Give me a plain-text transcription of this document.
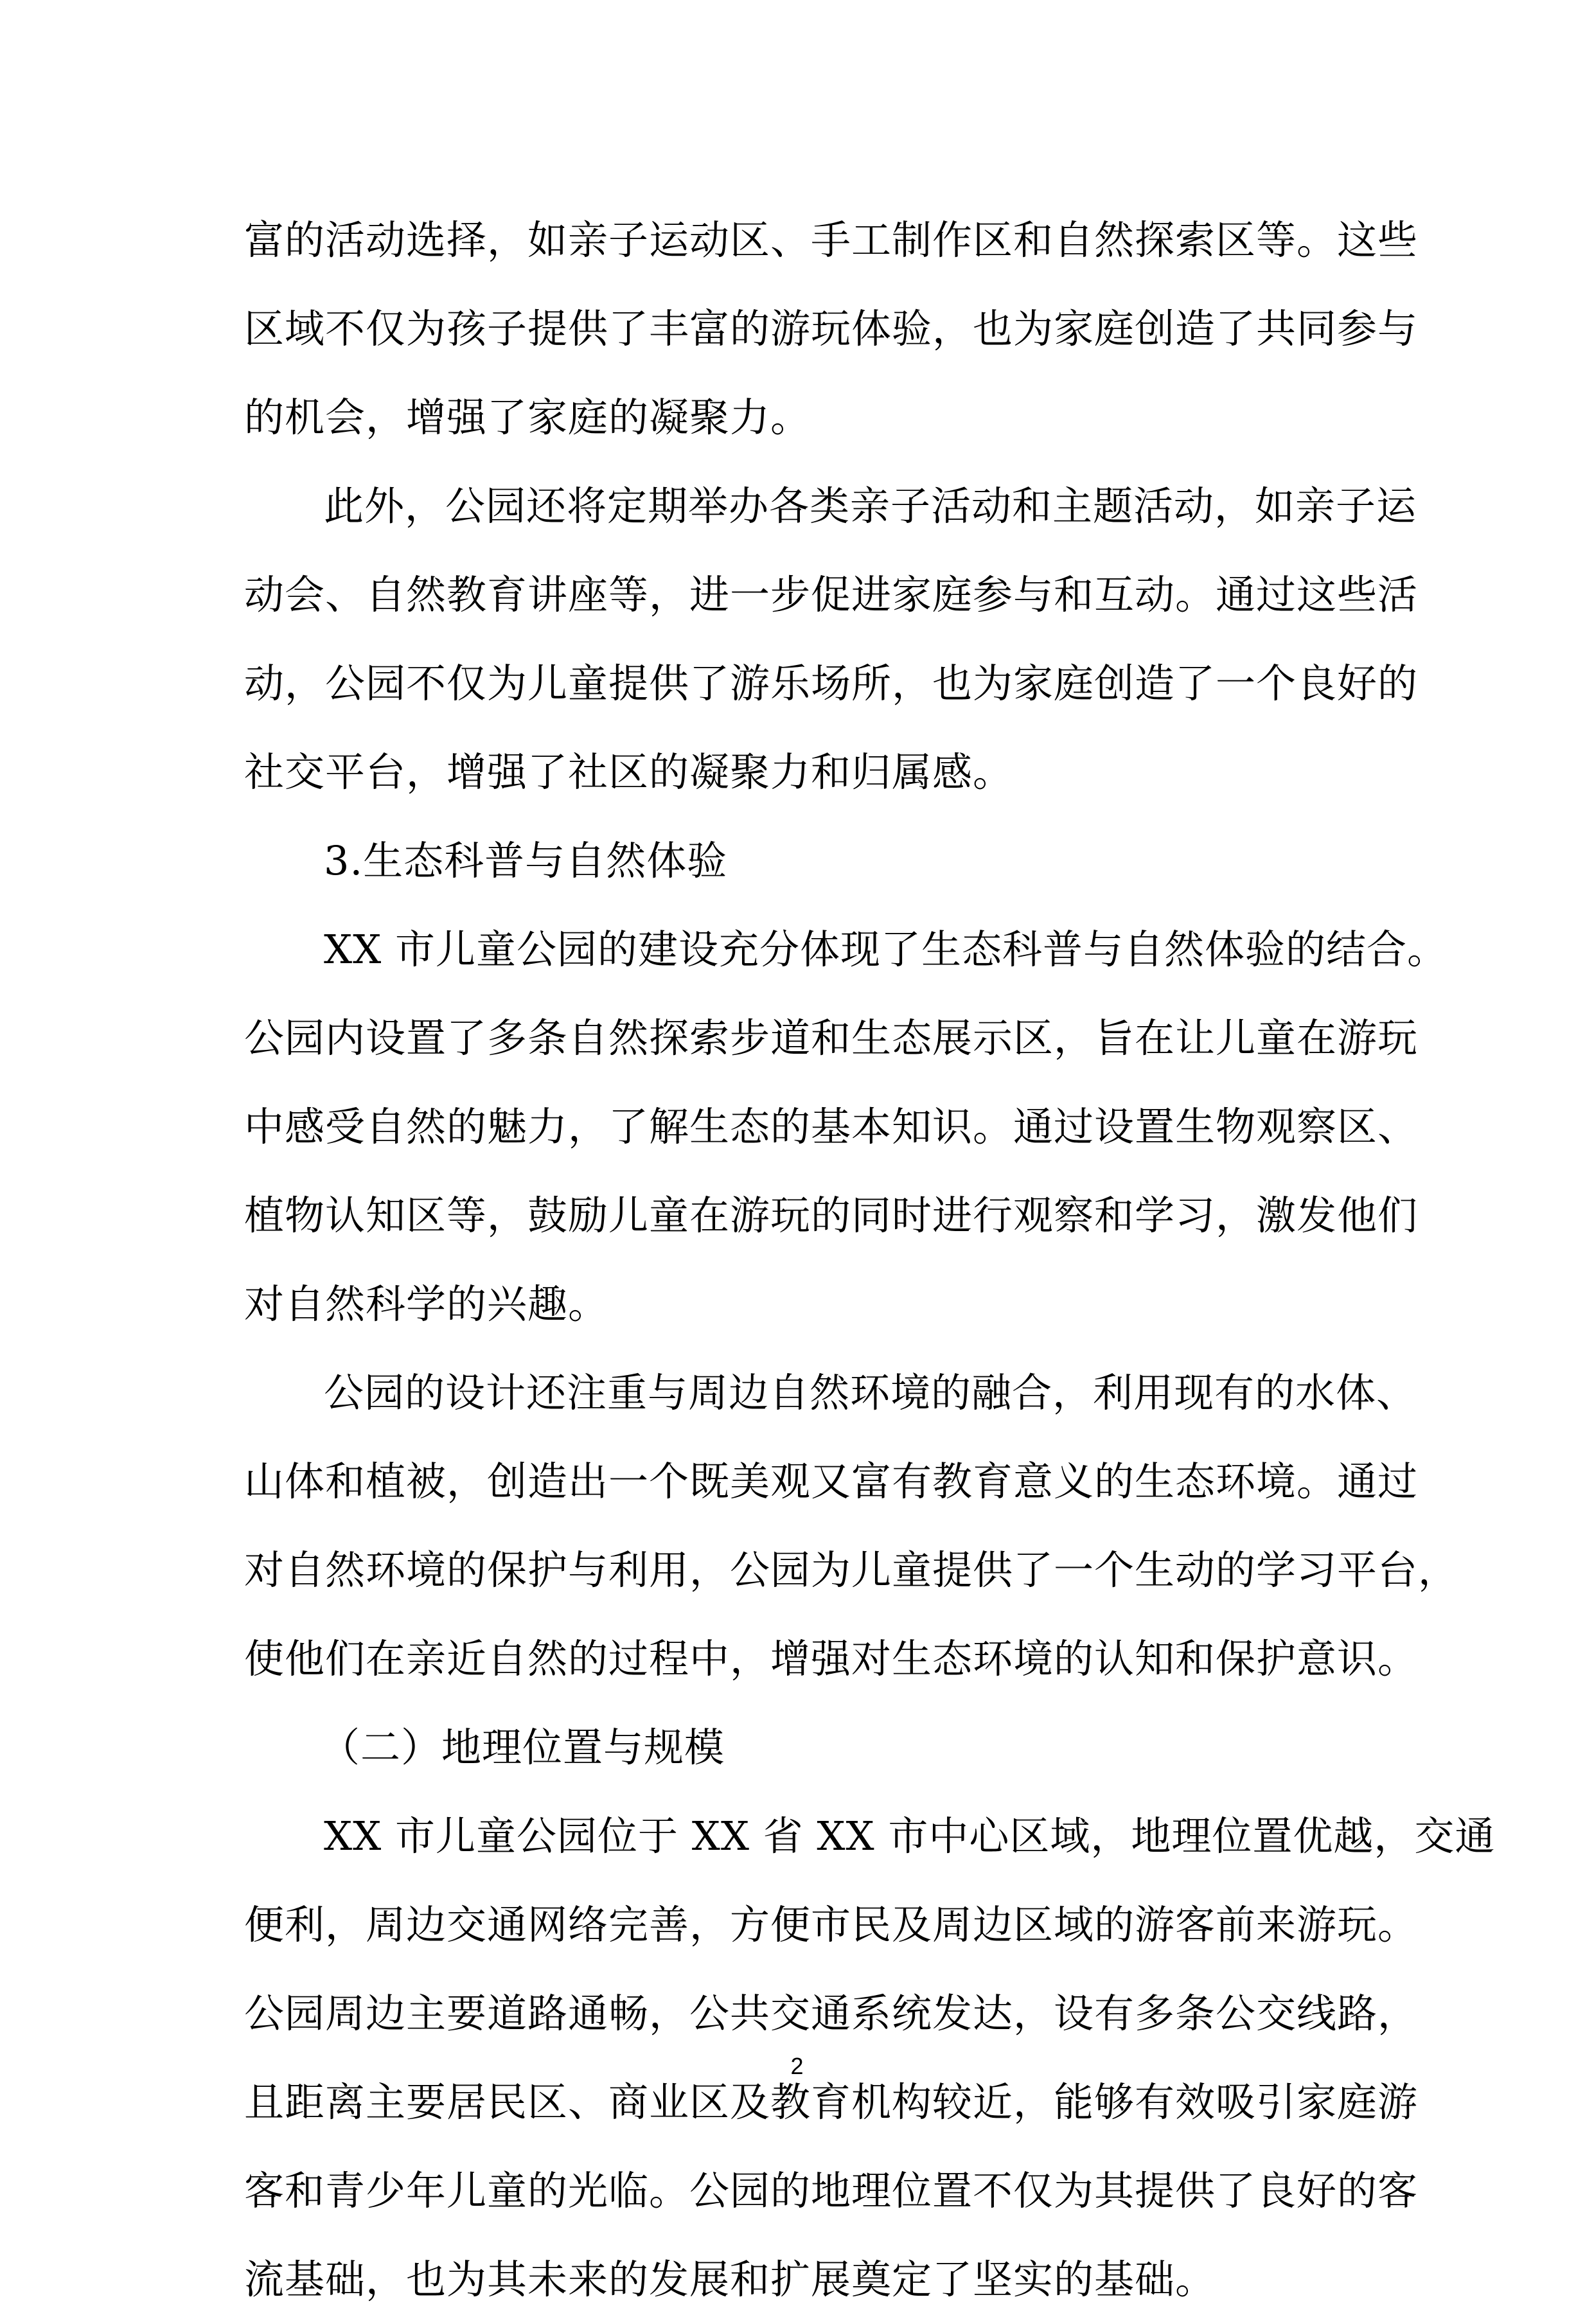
富的活动选择，如亲子运动区、手工制作区和自然探索区等。这些
区域不仅为孩子提供了丰富的游玩体验，也为家庭创造了共同参与
的机会，增强了家庭的凝聚力。
此外，公园还将定期举办各类亲子活动和主题活动，如亲子运
动会、自然教育讲座等，进一步促进家庭参与和互动。通过这些活
动，公园不仅为儿童提供了游乐场所，也为家庭创造了一个良好的
社交平台，增强了社区的凝聚力和归属感。
3.生态科普与自然体验
XX 市儿童公园的建设充分体现了生态科普与自然体验的结合。
公园内设置了多条自然探索步道和生态展示区，旨在让儿童在游玩
中感受自然的魅力，了解生态的基本知识。通过设置生物观察区、
植物认知区等，鼓励儿童在游玩的同时进行观察和学习，激发他们
对自然科学的兴趣。
公园的设计还注重与周边自然环境的融合，利用现有的水体、
山体和植被，创造出一个既美观又富有教育意义的生态环境。通过
对自然环境的保护与利用，公园为儿童提供了一个生动的学习平台，
使他们在亲近自然的过程中，增强对生态环境的认知和保护意识。
（二）地理位置与规模
XX 市儿童公园位于 XX 省 XX 市中心区域，地理位置优越，交通
便利，周边交通网络完善，方便市民及周边区域的游客前来游玩。
公园周边主要道路通畅，公共交通系统发达，设有多条公交线路，
且距离主要居民区、商业区及教育机构较近，能够有效吸引家庭游
客和青少年儿童的光临。公园的地理位置不仅为其提供了良好的客
流基础，也为其未来的发展和扩展奠定了坚实的基础。
2
